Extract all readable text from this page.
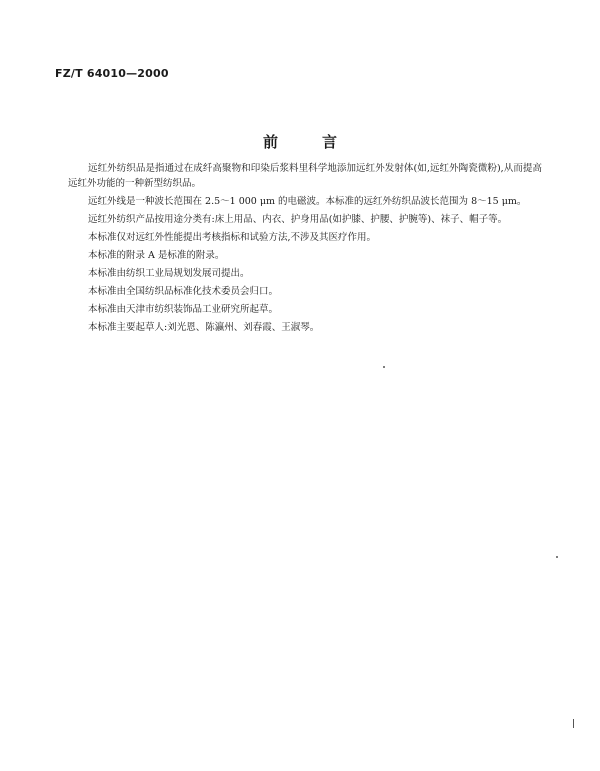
FZ/T 64010—2000
前言

远红外纺织品是指通过在成纤高聚物和印染后浆料里科学地添加远红外发射体(如,远红外陶瓷微粉),从而提高远红外功能的一种新型纺织品。

远红外线是一种波长范围在 2.5～1 000 μm 的电磁波。本标准的远红外纺织品波长范围为 8～15 μm。

远红外纺织产品按用途分类有:床上用品、内衣、护身用品(如护膝、护腰、护腕等)、袜子、帽子等。

本标准仅对远红外性能提出考核指标和试验方法,不涉及其医疗作用。

本标准的附录 A 是标准的附录。

本标准由纺织工业局规划发展司提出。

本标准由全国纺织品标准化技术委员会归口。

本标准由天津市纺织装饰品工业研究所起草。

本标准主要起草人:刘光恩、陈瀛州、刘春霞、王淑琴。
